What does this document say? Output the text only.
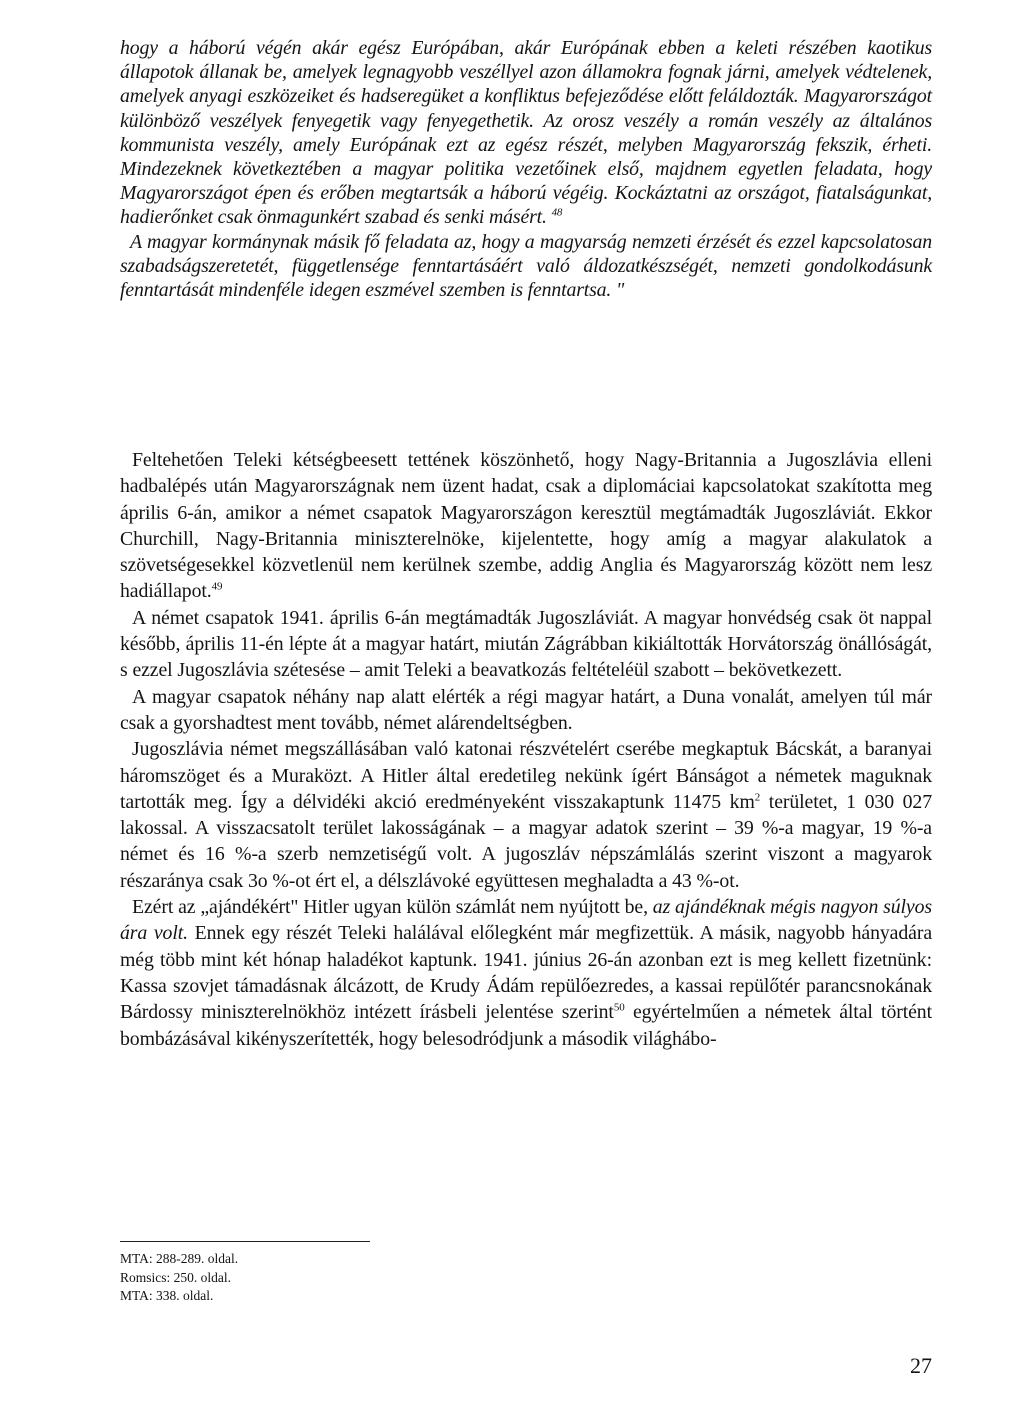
hogy a háború végén akár egész Európában, akár Európának ebben a keleti részében kaotikus állapotok állanak be, amelyek legnagyobb veszéllyel azon államokra fognak járni, amelyek védtelenek, amelyek anyagi eszközeiket és hadseregüket a konfliktus befejeződése előtt feláldozták. Magyarországot különböző veszélyek fenyegetik vagy fenyegethetik. Az orosz veszély a román veszély az általános kommunista veszély, amely Európának ezt az egész részét, melyben Magyarország fekszik, érheti. Mindezeknek következtében a magyar politika vezetőinek első, majdnem egyetlen feladata, hogy Magyarországot épen és erőben megtartsák a háború végéig. Kockáztatni az országot, fiatalságunkat, hadierőnket csak önmagunkért szabad és senki másért. $^{48}$

A magyar kormánynak másik fő feladata az, hogy a magyarság nemzeti érzését és ezzel kapcsolatosan szabadságszeretetét, függetlensége fenntartásáért való áldozatkészségét, nemzeti gondolkodásunk fenntartását mindenféle idegen eszmével szemben is fenntartsa. "

Feltehetően Teleki kétségbeesett tettének köszönhető, hogy Nagy-Britannia a Jugoszlávia elleni hadbalépés után Magyarországnak nem üzent hadat, csak a diplomáciai kapcsolatokat szakította meg április 6-án, amikor a német csapatok Magyarországon keresztül megtámadták Jugoszláviát. Ekkor Churchill, Nagy-Britannia miniszterelnöke, kijelentette, hogy amíg a magyar alakulatok a szövetségesekkel közvetlenül nem kerülnek szembe, addig Anglia és Magyarország között nem lesz hadiállapot.$^{49}$

A német csapatok 1941. április 6-án megtámadták Jugoszláviát. A magyar honvédség csak öt nappal később, április 11-én lépte át a magyar határt, miután Zágrábban kikiáltották Horvátország önállóságát, s ezzel Jugoszlávia szétesése – amit Teleki a beavatkozás feltételéül szabott – bekövetkezett.

A magyar csapatok néhány nap alatt elérték a régi magyar határt, a Duna vonalát, amelyen túl már csak a gyorshadtest ment tovább, német alárendeltségben.

Jugoszlávia német megszállásában való katonai részvételért cserébe megkaptuk Bácskát, a baranyai háromszöget és a Muraközt. A Hitler által eredetileg nekünk ígért Bánságot a németek maguknak tartották meg. Így a délvidéki akció eredményeként visszakaptunk 11475 $km^2$ területet, 1 030 027 lakossal. A visszacsatolt terület lakosságának – a magyar adatok szerint – 39 %-a magyar, 19 %-a német és 16 %-a szerb nemzetiségű volt. A jugoszláv népszámlálás szerint viszont a magyarok részaránya csak 3o %-ot ért el, a délszlávoké együttesen meghaladta a 43 %-ot.

Ezért az „ajándékért" Hitler ugyan külön számlát nem nyújtott be, az ajándéknak mégis nagyon súlyos ára volt. Ennek egy részét Teleki halálával előlegként már megfizettük. A másik, nagyobb hányadára még több mint két hónap haladékot kaptunk. 1941. június 26-án azonban ezt is meg kellett fizetnünk: Kassa szovjet támadásnak álcázott, de Krudy Ádám repülőezredes, a kassai repülőtér parancsnokának Bárdossy miniszterelnökhöz intézett írásbeli jelentése szerint$^{50}$ egyértelműen a németek által történt bombázásával kikényszerítették, hogy belesodródjunk a második világhábo-

MTA: 288-289. oldal.
Romsics: 250. oldal.
MTA: 338. oldal.
27
